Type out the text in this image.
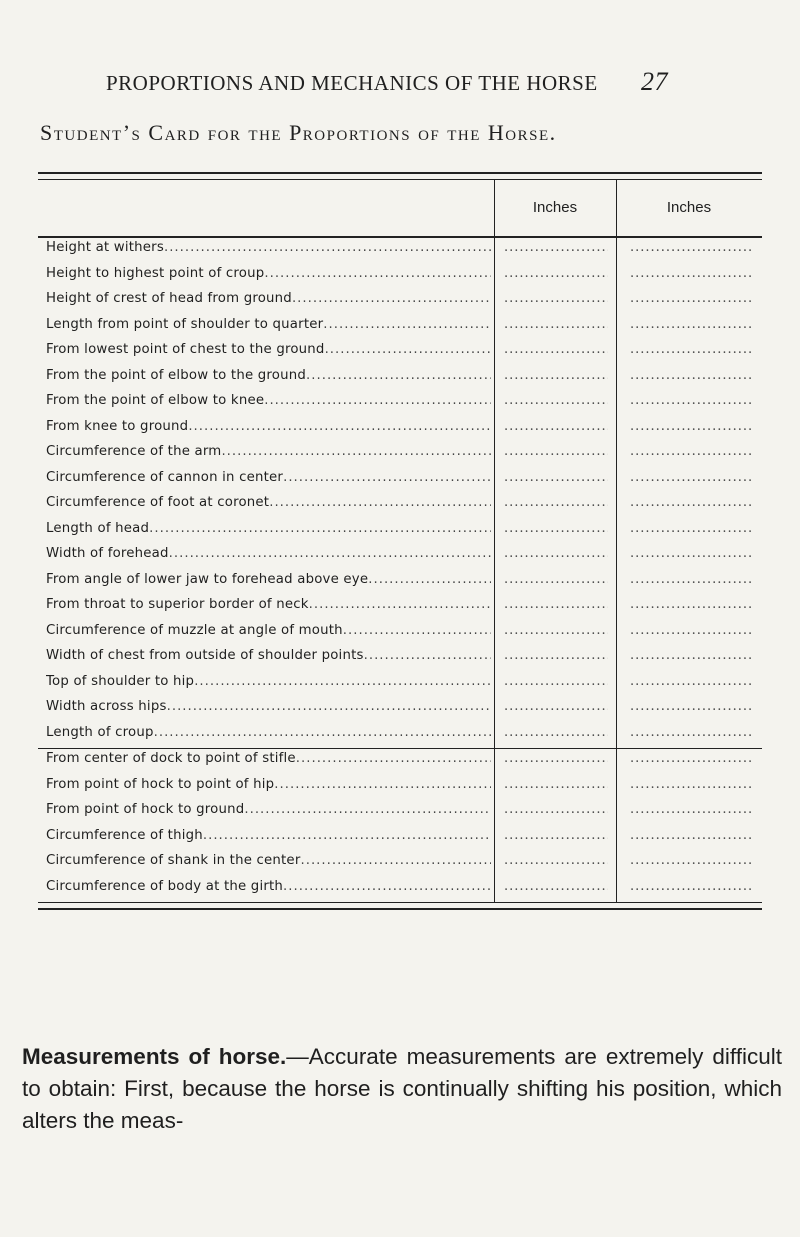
PROPORTIONS AND MECHANICS OF THE HORSE 27
Student’s Card for the Proportions of the Horse.
Inches	Inches
Height at withers .....
.....
.....
Height to highest point of croup .....
.....
.....
Height of crest of head from ground .....
.....
.....
Length from point of shoulder to quarter .....
.....
.....
From lowest point of chest to the ground .....
.....
.....
From the point of elbow to the ground .....
.....
.....
From the point of elbow to knee .....
.....
.....
From knee to ground .....
.....
.....
Circumference of the arm .....
.....
.....
Circumference of cannon in center .....
.....
.....
Circumference of foot at coronet .....
.....
.....
Length of head .....
.....
.....
Width of forehead .....
.....
.....
From angle of lower jaw to forehead above eye .....
.....
.....
From throat to superior border of neck .....
.....
.....
Circumference of muzzle at angle of mouth .....
.....
.....
Width of chest from outside of shoulder points .....
.....
.....
Top of shoulder to hip .....
.....
.....
Width across hips .....
.....
.....
Length of croup .....
.....
.....
From center of dock to point of stifle .....
.....
.....
From point of hock to point of hip .....
.....
.....
From point of hock to ground .....
.....
.....
Circumference of thigh .....
.....
.....
Circumference of shank in the center .....
.....
.....
Circumference of body at the girth .....
.....
.....

Measurements of horse.—Accurate measurements are extremely difficult to obtain: First, because the horse is continually shifting his position, which alters the meas-
